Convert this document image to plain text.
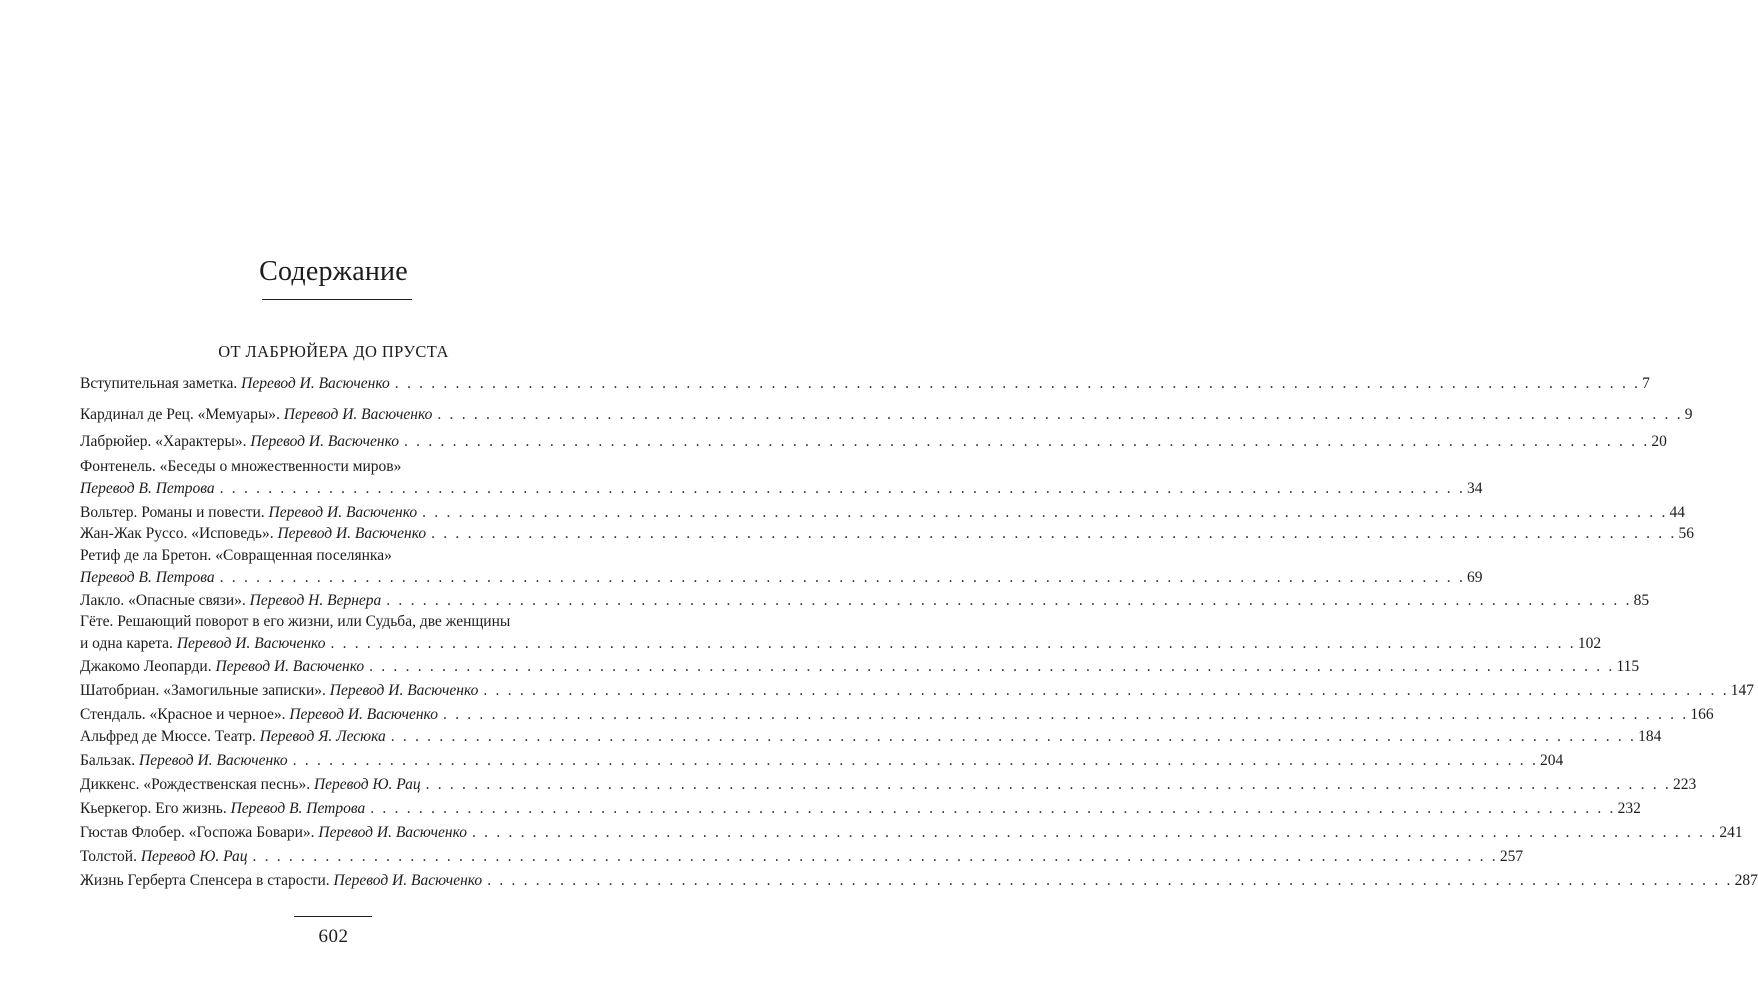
Содержание
ОТ ЛАБРЮЙЕРА ДО ПРУСТА
Вступительная заметка. Перевод И. Васюченко . . .	7
Кардинал де Рец. «Мемуары». Перевод И. Васюченко . . .	9
Лабрюйер. «Характеры». Перевод И. Васюченко . . .	20
Фонтенель. «Беседы о множественности миров»
Перевод В. Петрова . . .	34
Вольтер. Романы и повести. Перевод И. Васюченко . . .	44
Жан-Жак Руссо. «Исповедь». Перевод И. Васюченко . . .	56
Ретиф де ла Бретон. «Совращенная поселянка»
Перевод В. Петрова . . .	69
Лакло. «Опасные связи». Перевод Н. Вернера . . .	85
Гёте. Решающий поворот в его жизни, или Судьба, две женщины
и одна карета. Перевод И. Васюченко . . .	102
Джакомо Леопарди. Перевод И. Васюченко . . .	115
Шатобриан. «Замогильные записки». Перевод И. Васюченко . . .	147
Стендаль. «Красное и черное». Перевод И. Васюченко . . .	166
Альфред де Мюссе. Театр. Перевод Я. Лесюка . . .	184
Бальзак. Перевод И. Васюченко . . .	204
Диккенс. «Рождественская песнь». Перевод Ю. Рац . . .	223
Кьеркегор. Его жизнь. Перевод В. Петрова . . .	232
Гюстав Флобер. «Госпожа Бовари». Перевод И. Васюченко . . .	241
Толстой. Перевод Ю. Рац . . .	257
Жизнь Герберта Спенсера в старости. Перевод И. Васюченко . . .	287
602
